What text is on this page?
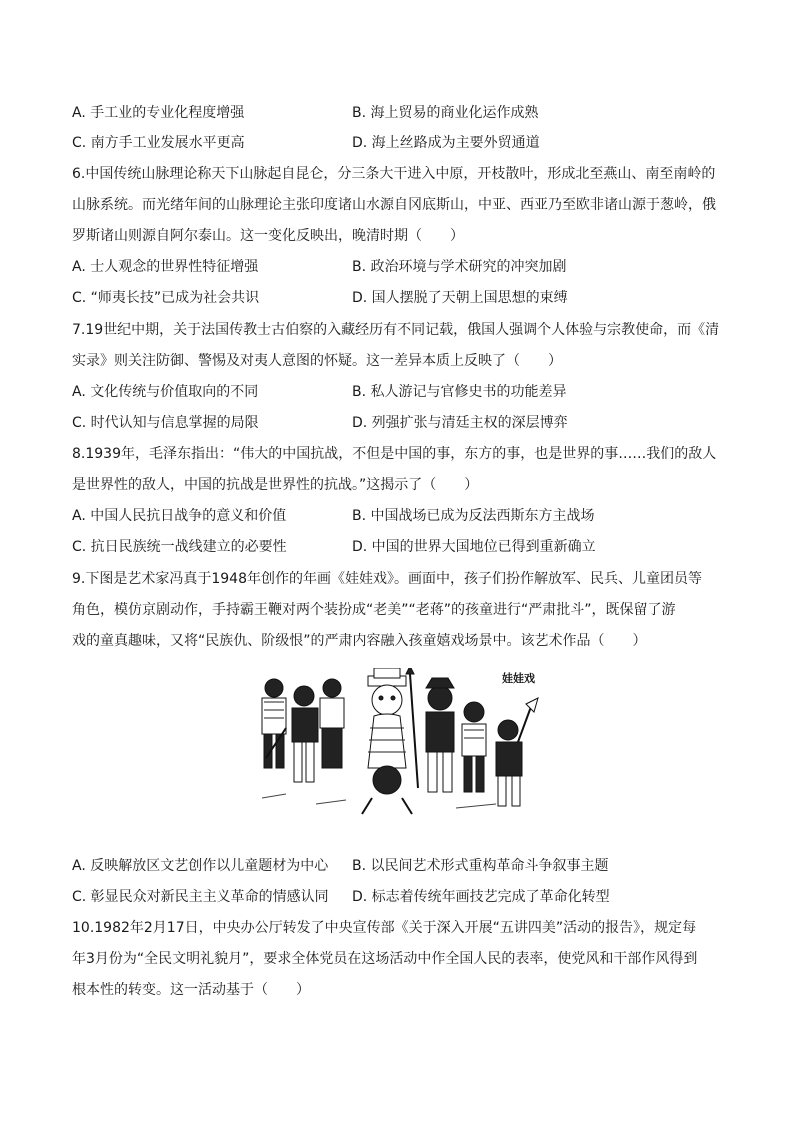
A. 手工业的专业化程度增强	B. 海上贸易的商业化运作成熟
C. 南方手工业发展水平更高	D. 海上丝路成为主要外贸通道
6.中国传统山脉理论称天下山脉起自昆仑，分三条大干进入中原，开枝散叶，形成北至燕山、南至南岭的
山脉系统。而光绪年间的山脉理论主张印度诸山水源自冈底斯山，中亚、西亚乃至欧非诸山源于葱岭，俄
罗斯诸山则源自阿尔泰山。这一变化反映出，晚清时期（　　）
A. 士人观念的世界性特征增强	B. 政治环境与学术研究的冲突加剧
C. “师夷长技”已成为社会共识	D. 国人摆脱了天朝上国思想的束缚
7.19世纪中期，关于法国传教士古伯察的入藏经历有不同记载，俄国人强调个人体验与宗教使命，而《清
实录》则关注防御、警惕及对夷人意图的怀疑。这一差异本质上反映了（　　）
A. 文化传统与价值取向的不同	B. 私人游记与官修史书的功能差异
C. 时代认知与信息掌握的局限	D. 列强扩张与清廷主权的深层博弈
8.1939年，毛泽东指出：“伟大的中国抗战，不但是中国的事，东方的事，也是世界的事……我们的敌人
是世界性的敌人，中国的抗战是世界性的抗战。”这揭示了（　　）
A. 中国人民抗日战争的意义和价值	B. 中国战场已成为反法西斯东方主战场
C. 抗日民族统一战线建立的必要性	D. 中国的世界大国地位已得到重新确立
9.下图是艺术家冯真于1948年创作的年画《娃娃戏》。画面中，孩子们扮作解放军、民兵、儿童团员等
角色，模仿京剧动作，手持霸王鞭对两个装扮成“老美”“老蒋”的孩童进行“严肃批斗”，既保留了游
戏的童真趣味，又将“民族仇、阶级恨”的严肃内容融入孩童嬉戏场景中。该艺术作品（　　）
娃娃戏
A. 反映解放区文艺创作以儿童题材为中心 B. 以民间艺术形式重构革命斗争叙事主题
C. 彰显民众对新民主主义革命的情感认同 D. 标志着传统年画技艺完成了革命化转型
10.1982年2月17日，中央办公厅转发了中央宣传部《关于深入开展“五讲四美”活动的报告》，规定每
年3月份为“全民文明礼貌月”，要求全体党员在这场活动中作全国人民的表率，使党风和干部作风得到
根本性的转变。这一活动基于（　　）
